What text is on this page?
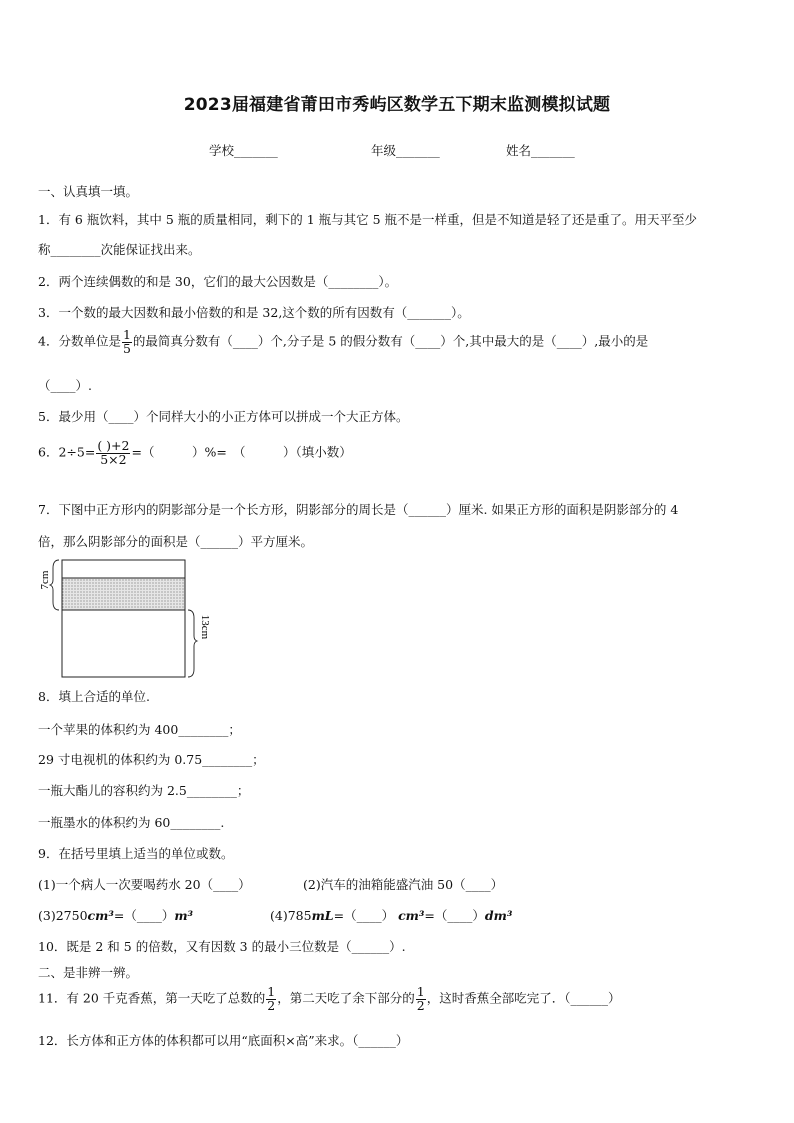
2023届福建省莆田市秀屿区数学五下期末监测模拟试题
学校_______	年级_______	姓名_______
一、认真填一填。
1．有 6 瓶饮料，其中 5 瓶的质量相同，剩下的 1 瓶与其它 5 瓶不是一样重，但是不知道是轻了还是重了。用天平至少
称________次能保证找出来。
2．两个连续偶数的和是 30，它们的最大公因数是（________）。
3．一个数的最大因数和最小倍数的和是 32,这个数的所有因数有（_______）。
4．分数单位是 $\frac{1}{5}$ 的最简真分数有（____）个,分子是 5 的假分数有（____）个,其中最大的是（____）,最小的是
（____）.
5．最少用（____）个同样大小的小正方体可以拼成一个大正方体。
6．$2\div 5= \frac{( )+2}{5\times 2}$ =（　　　）%=　（　　　）（填小数）
7．下图中正方形内的阴影部分是一个长方形，阴影部分的周长是（______）厘米. 如果正方形的面积是阴影部分的 4
倍，那么阴影部分的面积是（______）平方厘米。
7cm
13cm
8．填上合适的单位.
一个苹果的体积约为 400________；
29 寸电视机的体积约为 0.75________；
一瓶大酯儿的容积约为 2.5________；
一瓶墨水的体积约为 60________.
9．在括号里填上适当的单位或数。
(1)一个病人一次要喝药水 20（____）	(2)汽车的油箱能盛汽油 50（____）
(3)2750cm³=（____）m³	(4)785mL=（____） cm³=（____）dm³
10．既是 2 和 5 的倍数，又有因数 3 的最小三位数是（______）.
二、是非辨一辨。
11．有 20 千克香蕉，第一天吃了总数的 $\frac{1}{2}$ ，第二天吃了余下部分的 $\frac{1}{2}$ ，这时香蕉全部吃完了．（______）
12．长方体和正方体的体积都可以用“底面积×高”来求。（______）
